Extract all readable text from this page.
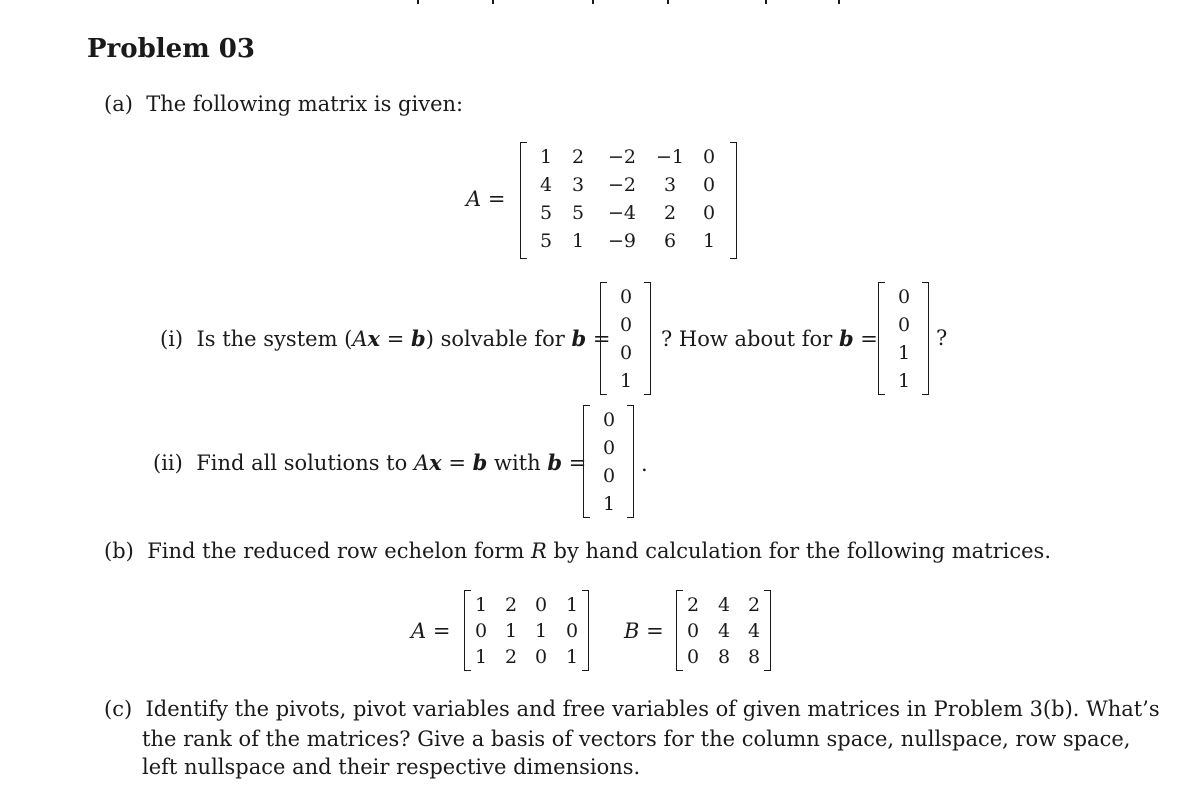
Problem 03
(a) The following matrix is given:
A =
1	2	−2 −1 0
4	3	−2	3	0
5	5	−4	2	0
5	1	−9	6	1
(i) Is the system (Ax = b) solvable for b =
0
0
0
1
? How about for b =
0
0
1
1
?
(ii) Find all solutions to Ax = b with b =
0
0
0
1
.
(b) Find the reduced row echelon form R by hand calculation for the following matrices.
A =
1 2 0 1
0 1 1 0
1 2 0 1
B =
2 4 2
0 4 4
0 8 8
(c) Identify the pivots, pivot variables and free variables of given matrices in Problem 3(b). What’s
the rank of the matrices? Give a basis of vectors for the column space, nullspace, row space,
left nullspace and their respective dimensions.
